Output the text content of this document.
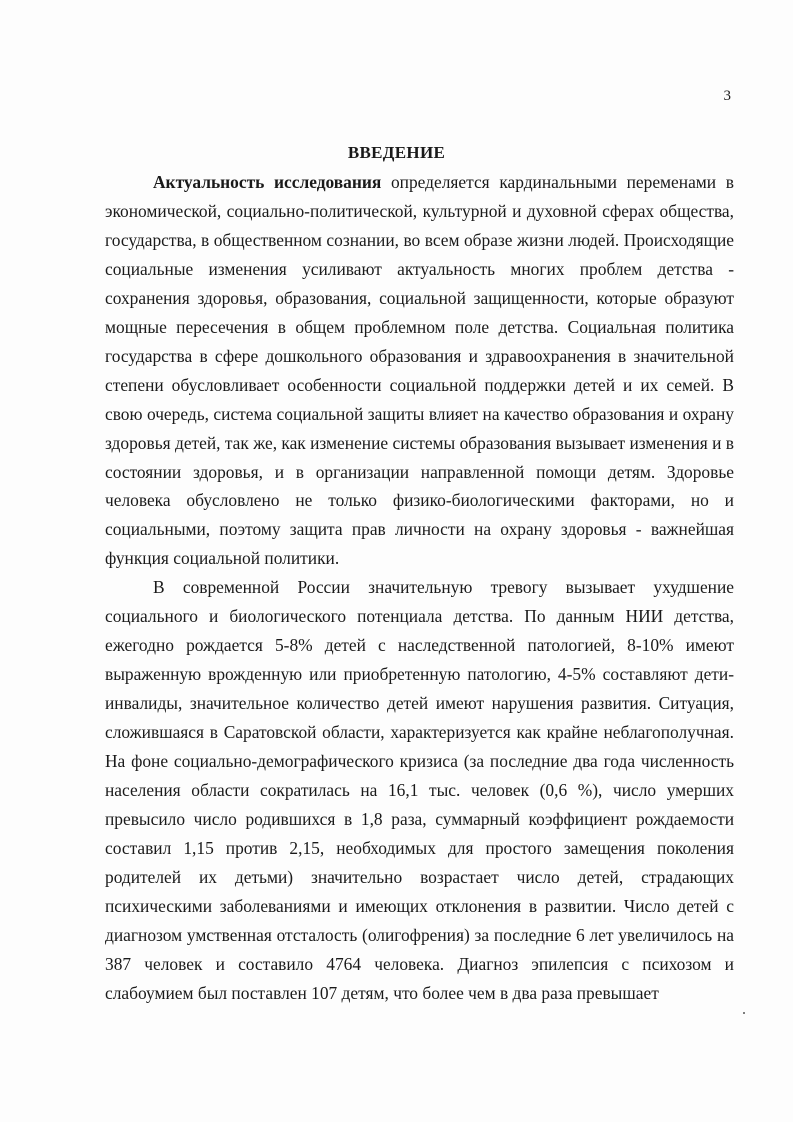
3
ВВЕДЕНИЕ

Актуальность исследования определяется кардинальными переменами в экономической, социально-политической, культурной и духовной сферах общества, государства, в общественном сознании, во всем образе жизни людей. Происходящие социальные изменения усиливают актуальность многих проблем детства - сохранения здоровья, образования, социальной защищенности, которые образуют мощные пересечения в общем проблемном поле детства. Социальная политика государства в сфере дошкольного образования и здравоохранения в значительной степени обусловливает особенности социальной поддержки детей и их семей. В свою очередь, система социальной защиты влияет на качество образования и охрану здоровья детей, так же, как изменение системы образования вызывает изменения и в состоянии здоровья, и в организации направленной помощи детям. Здоровье человека обусловлено не только физико-биологическими факторами, но и социальными, поэтому защита прав личности на охрану здоровья - важнейшая функция социальной политики.

В современной России значительную тревогу вызывает ухудшение социального и биологического потенциала детства. По данным НИИ детства, ежегодно рождается 5-8% детей с наследственной патологией, 8-10% имеют выраженную врожденную или приобретенную патологию, 4-5% составляют дети-инвалиды, значительное количество детей имеют нарушения развития. Ситуация, сложившаяся в Саратовской области, характеризуется как крайне неблагополучная. На фоне социально-демографического кризиса (за последние два года численность населения области сократилась на 16,1 тыс. человек (0,6 %), число умерших превысило число родившихся в 1,8 раза, суммарный коэффициент рождаемости составил 1,15 против 2,15, необходимых для простого замещения поколения родителей их детьми) значительно возрастает число детей, страдающих психическими заболеваниями и имеющих отклонения в развитии. Число детей с диагнозом умственная отсталость (олигофрения) за последние 6 лет увеличилось на 387 человек и составило 4764 человека. Диагноз эпилепсия с психозом и слабоумием был поставлен 107 детям, что более чем в два раза превышает
